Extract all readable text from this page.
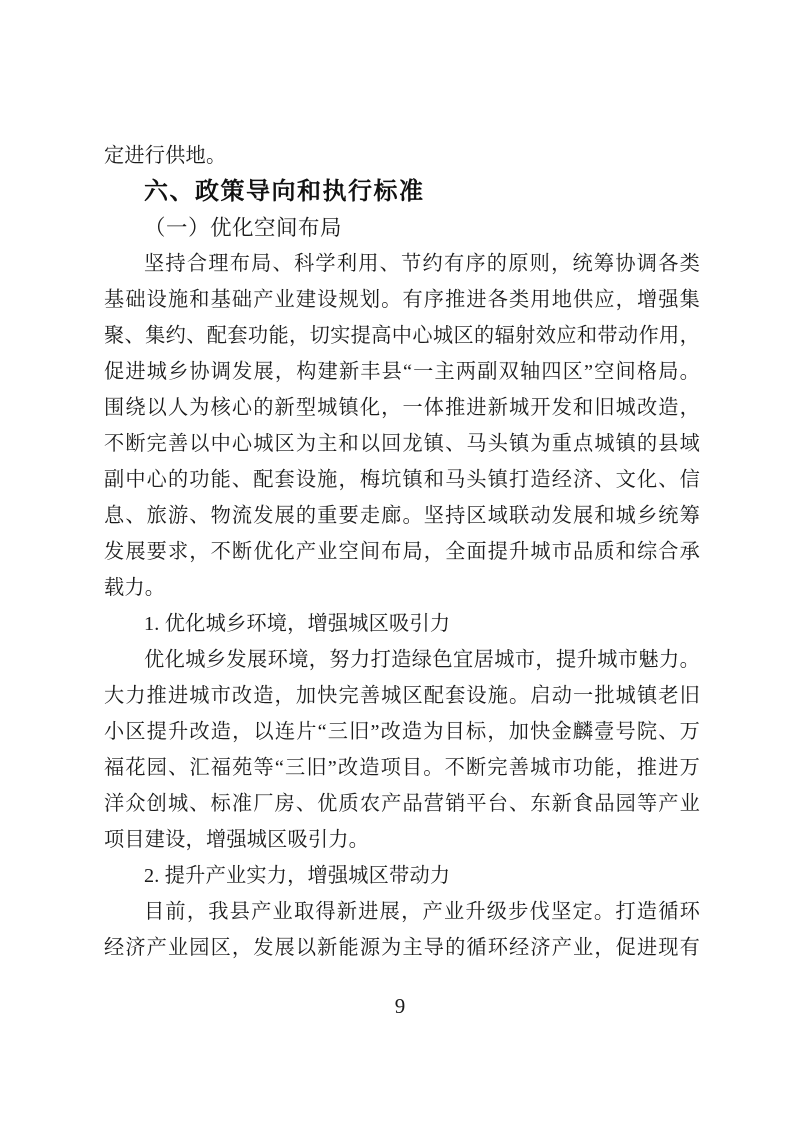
定进行供地。
六、政策导向和执行标准
（一）优化空间布局
坚持合理布局、科学利用、节约有序的原则，统筹协调各类
基础设施和基础产业建设规划。有序推进各类用地供应，增强集
聚、集约、配套功能，切实提高中心城区的辐射效应和带动作用，
促进城乡协调发展，构建新丰县“一主两副双轴四区”空间格局。
围绕以人为核心的新型城镇化，一体推进新城开发和旧城改造，
不断完善以中心城区为主和以回龙镇、马头镇为重点城镇的县域
副中心的功能、配套设施，梅坑镇和马头镇打造经济、文化、信
息、旅游、物流发展的重要走廊。坚持区域联动发展和城乡统筹
发展要求，不断优化产业空间布局，全面提升城市品质和综合承
载力。
1. 优化城乡环境，增强城区吸引力
优化城乡发展环境，努力打造绿色宜居城市，提升城市魅力。
大力推进城市改造，加快完善城区配套设施。启动一批城镇老旧
小区提升改造，以连片“三旧”改造为目标，加快金麟壹号院、万
福花园、汇福苑等“三旧”改造项目。不断完善城市功能，推进万
洋众创城、标准厂房、优质农产品营销平台、东新食品园等产业
项目建设，增强城区吸引力。
2. 提升产业实力，增强城区带动力
目前，我县产业取得新进展，产业升级步伐坚定。打造循环
经济产业园区，发展以新能源为主导的循环经济产业，促进现有
9
